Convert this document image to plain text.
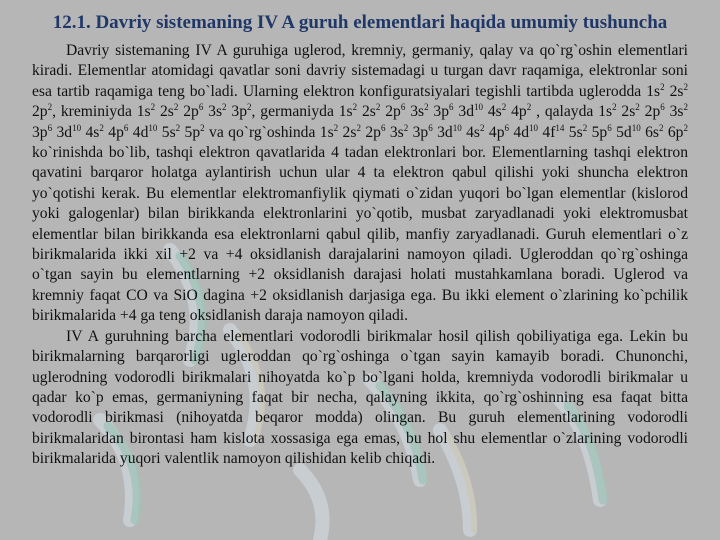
12.1. Davriy sistemaning IV A guruh elementlari haqida umumiy tushuncha

Davriy sistemaning IV A guruhiga uglerod, kremniy, germaniy, qalay va qo`rg`oshin elementlari kiradi. Elementlar atomidagi qavatlar soni davriy sistemadagi u turgan davr raqamiga, elektronlar soni esa tartib raqamiga teng bo`ladi. Ularning elektron konfiguratsiyalari tegishli tartibda uglerodda $1s^2$ $2s^2$ $2p^2$, kreminiyda $1s^2$ $2s^2$ $2p^6$ $3s^2$ $3p^2$, germaniyda $1s^2$ $2s^2$ $2p^6$ $3s^2$ $3p^6$ $3d^{10}$ $4s^2$ $4p^2$ , qalayda $1s^2$ $2s^2$ $2p^6$ $3s^2$ $3p^6$ $3d^{10}$ $4s^2$ $4p^6$ $4d^{10}$ $5s^2$ $5p^2$ va qo`rg`oshinda $1s^2$ $2s^2$ $2p^6$ $3s^2$ $3p^6$ $3d^{10}$ $4s^2$ $4p^6$ $4d^{10}$ $4f^{14}$ $5s^2$ $5p^6$ $5d^{10}$ $6s^2$ $6p^2$ ko`rinishda bo`lib, tashqi elektron qavatlarida 4 tadan elektronlari bor. Elementlarning tashqi elektron qavatini barqaror holatga aylantirish uchun ular 4 ta elektron qabul qilishi yoki shuncha elektron yo`qotishi kerak. Bu elementlar elektromanfiylik qiymati o`zidan yuqori bo`lgan elementlar (kislorod yoki galogenlar) bilan birikkanda elektronlarini yo`qotib, musbat zaryadlanadi yoki elektromusbat elementlar bilan birikkanda esa elektronlarni qabul qilib, manfiy zaryadlanadi. Guruh elementlari o`z birikmalarida ikki xil +2 va +4 oksidlanish darajalarini namoyon qiladi. Ugleroddan qo`rg`oshinga o`tgan sayin bu elementlarning +2 oksidlanish darajasi holati mustahkamlana boradi. Uglerod va kremniy faqat CO va SiO dagina +2 oksidlanish darjasiga ega. Bu ikki element o`zlarining ko`pchilik birikmalarida +4 ga teng oksidlanish daraja namoyon qiladi.

IV A guruhning barcha elementlari vodorodli birikmalar hosil qilish qobiliyatiga ega. Lekin bu birikmalarning barqarorligi ugleroddan qo`rg`oshinga o`tgan sayin kamayib boradi. Chunonchi, uglerodning vodorodli birikmalari nihoyatda ko`p bo`lgani holda, kremniyda vodorodli birikmalar u qadar ko`p emas, germaniyning faqat bir necha, qalayning ikkita, qo`rg`oshinning esa faqat bitta vodorodli birikmasi (nihoyatda beqaror modda) olingan. Bu guruh elementlarining vodorodli birikmalaridan birontasi ham kislota xossasiga ega emas, bu hol shu elementlar o`zlarining vodorodli birikmalarida yuqori valentlik namoyon qilishidan kelib chiqadi.
